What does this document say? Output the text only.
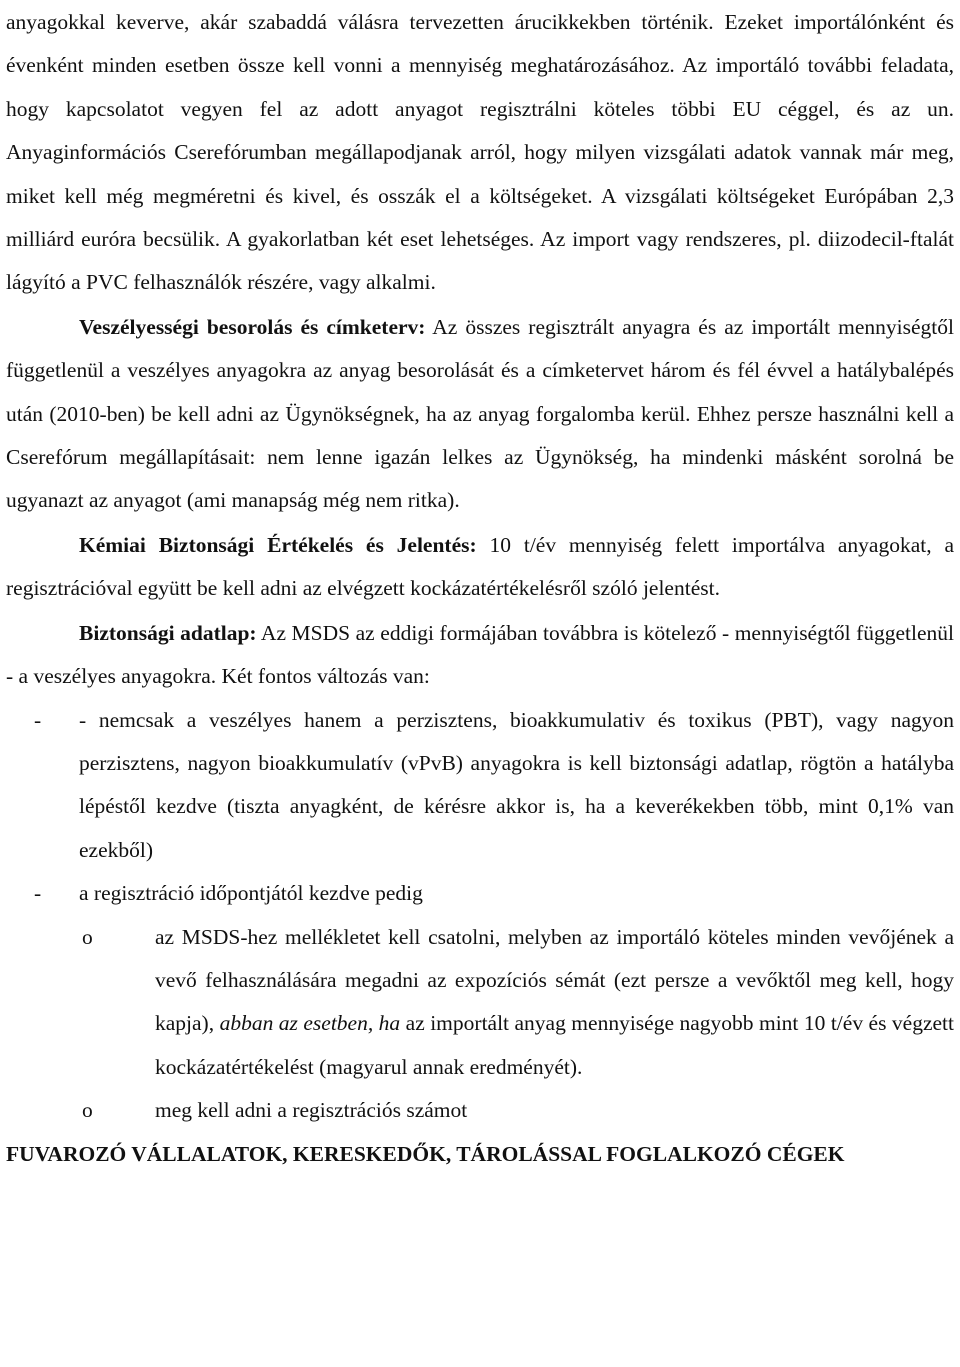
anyagokkal keverve, akár szabaddá válásra tervezetten árucikkekben történik. Ezeket importálónként és évenként minden esetben össze kell vonni a mennyiség meghatározásához. Az importáló további feladata, hogy kapcsolatot vegyen fel az adott anyagot regisztrálni köteles többi EU céggel, és az un. Anyaginformációs Cserefórumban megállapodjanak arról, hogy milyen vizsgálati adatok vannak már meg, miket kell még megméretni és kivel, és osszák el a költségeket. A vizsgálati költségeket Európában 2,3 milliárd euróra becsülik. A gyakorlatban két eset lehetséges. Az import vagy rendszeres, pl. diizodecil-ftalát lágyító a PVC felhasználók részére, vagy alkalmi.

Veszélyességi besorolás és címketerv: Az összes regisztrált anyagra és az importált mennyiségtől függetlenül a veszélyes anyagokra az anyag besorolását és a címketervet három és fél évvel a hatálybalépés után (2010-ben) be kell adni az Ügynökségnek, ha az anyag forgalomba kerül. Ehhez persze használni kell a Cserefórum megállapításait: nem lenne igazán lelkes az Ügynökség, ha mindenki másként sorolná be ugyanazt az anyagot (ami manapság még nem ritka).

Kémiai Biztonsági Értékelés és Jelentés: 10 t/év mennyiség felett importálva anyagokat, a regisztrációval együtt be kell adni az elvégzett kockázatértékelésről szóló jelentést.

Biztonsági adatlap: Az MSDS az eddigi formájában továbbra is kötelező - mennyiségtől függetlenül - a veszélyes anyagokra. Két fontos változás van:

- - nemcsak a veszélyes hanem a perzisztens, bioakkumulativ és toxikus (PBT), vagy nagyon perzisztens, nagyon bioakkumulatív (vPvB) anyagokra is kell biztonsági adatlap, rögtön a hatályba lépéstől kezdve (tiszta anyagként, de kérésre akkor is, ha a keverékekben több, mint 0,1% van ezekből)

- a regisztráció időpontjától kezdve pedig

o	az MSDS-hez mellékletet kell csatolni, melyben az importáló köteles minden vevőjének a vevő felhasználására megadni az expozíciós sémát (ezt persze a vevőktől meg kell, hogy kapja), abban az esetben, ha az importált anyag mennyisége nagyobb mint 10 t/év és végzett kockázatértékelést (magyarul annak eredményét).

o	meg kell adni a regisztrációs számot

FUVAROZÓ VÁLLALATOK, KERESKEDŐK, TÁROLÁSSAL FOGLALKOZÓ CÉGEK
